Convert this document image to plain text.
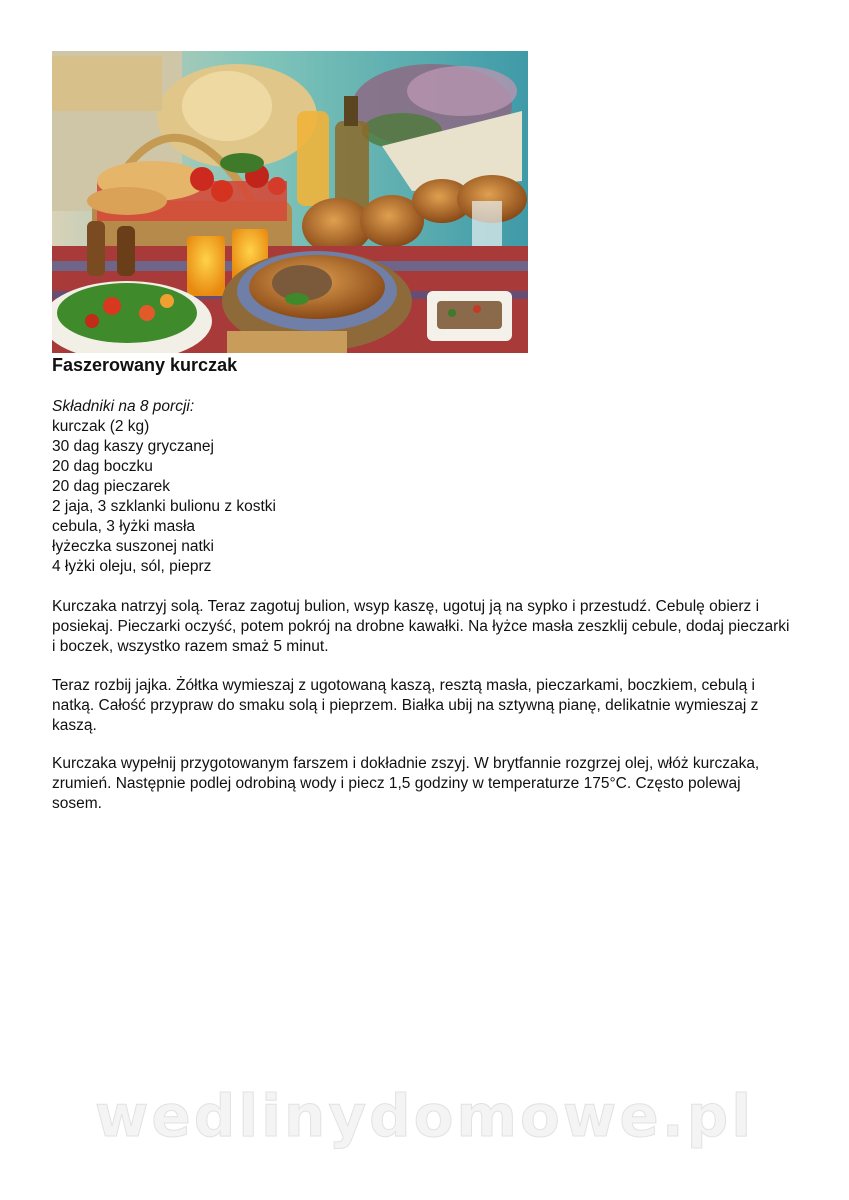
Faszerowany kurczak
Składniki na 8 porcji:
kurczak (2 kg)
30 dag kaszy gryczanej
20 dag boczku
20 dag pieczarek
2 jaja, 3 szklanki bulionu z kostki
cebula, 3 łyżki masła
łyżeczka suszonej natki
4 łyżki oleju, sól, pieprz

Kurczaka natrzyj solą. Teraz zagotuj bulion, wsyp kaszę, ugotuj ją na sypko i przestudź. Cebulę obierz i posiekaj. Pieczarki oczyść, potem pokrój na drobne kawałki. Na łyżce masła zeszklij cebule, dodaj pieczarki i boczek, wszystko razem smaż 5 minut.

Teraz rozbij jajka. Żółtka wymieszaj z ugotowaną kaszą, resztą masła, pieczarkami, boczkiem, cebulą i natką. Całość przypraw do smaku solą i pieprzem. Białka ubij na sztywną pianę, delikatnie wymieszaj z kaszą.

Kurczaka wypełnij przygotowanym farszem i dokładnie zszyj. W brytfannie rozgrzej olej, włóż kurczaka, zrumień. Następnie podlej odrobiną wody i piecz 1,5 godziny w temperaturze 175°C. Często polewaj sosem.

wedlinydomowe.pl
